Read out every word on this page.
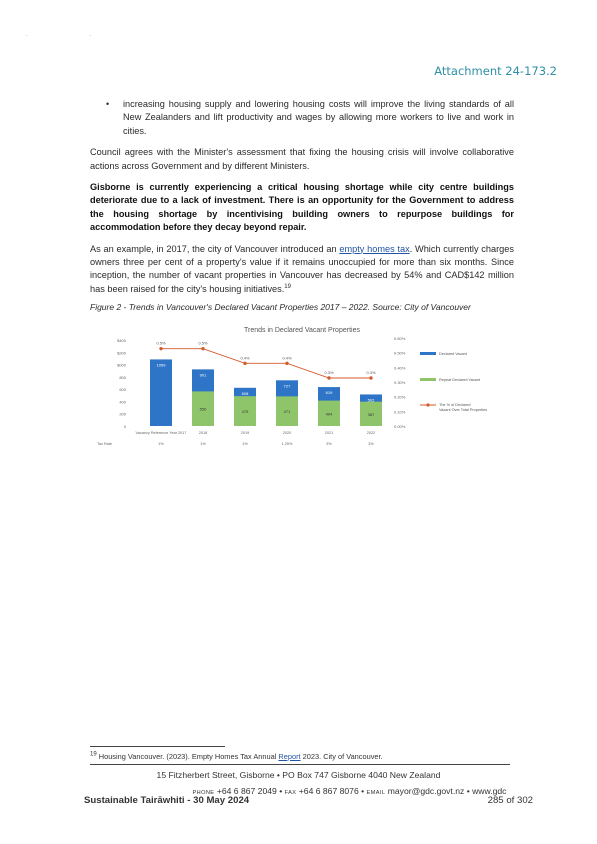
. .
Attachment 24-173.2
•	increasing housing supply and lowering housing costs will improve the living standards of all New Zealanders and lift productivity and wages by allowing more workers to live and work in cities.

Council agrees with the Minister's assessment that fixing the housing crisis will involve collaborative actions across Government and by different Ministers.

Gisborne is currently experiencing a critical housing shortage while city centre buildings deteriorate due to a lack of investment. There is an opportunity for the Government to address the housing shortage by incentivising building owners to repurpose buildings for accommodation before they decay beyond repair.

As an example, in 2017, the city of Vancouver introduced an empty homes tax. Which currently charges owners three per cent of a property's value if it remains unoccupied for more than six months. Since inception, the number of vacant properties in Vancouver has decreased by 54% and CAD$142 million has been raised for the city's housing initiatives.$^{19}$

Figure 2 - Trends in Vancouver's Declared Vacant Properties 2017 – 2022. Source: City of Vancouver
Trends in Declared Vacant Properties
$400
$200
$000
800
600
400
200
0
0.60%
0.50%
0.40%
0.30%
0.20%
0.10%
0.00%
1059
Vacancy Reference Year 2017
1%
550
901
2018
1%
475
608
2019
1%
471
727
2020
1.25%
404
619
2021
3%
387
502
2022
3%
Tax Rate
0.5%	0.5%
0.4%	0.4%
0.3%	0.3%
Declared Vacant
Repeat Declared Vacant
The % of Declared
Vacant Over Total Properties
$^{19}$ Housing Vancouver. (2023). Empty Homes Tax Annual Report 2023. City of Vancouver.
15 Fitzherbert Street, Gisborne • PO Box 747 Gisborne 4040 New Zealand
PHONE +64 6 867 2049 • FAX +64 6 867 8076 • EMAIL mayor@gdc.govt.nz • www.gdc
Sustainable Tairāwhiti - 30 May 2024	285 of 302
